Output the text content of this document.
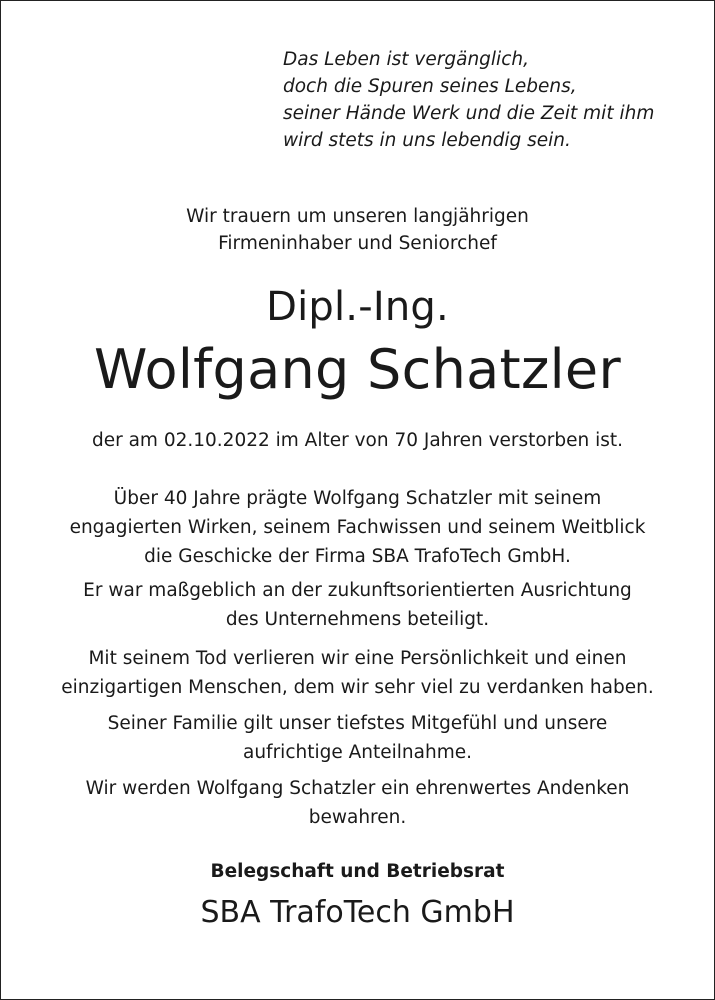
Das Leben ist vergänglich,
doch die Spuren seines Lebens,
seiner Hände Werk und die Zeit mit ihm
wird stets in uns lebendig sein.
Wir trauern um unseren langjährigen
Firmeninhaber und Seniorchef
Dipl.-Ing.
Wolfgang Schatzler
der am 02.10.2022 im Alter von 70 Jahren verstorben ist.
Über 40 Jahre prägte Wolfgang Schatzler mit seinem
engagierten Wirken, seinem Fachwissen und seinem Weitblick
die Geschicke der Firma SBA TrafoTech GmbH.
Er war maßgeblich an der zukunftsorientierten Ausrichtung
des Unternehmens beteiligt.
Mit seinem Tod verlieren wir eine Persönlichkeit und einen
einzigartigen Menschen, dem wir sehr viel zu verdanken haben.
Seiner Familie gilt unser tiefstes Mitgefühl und unsere
aufrichtige Anteilnahme.
Wir werden Wolfgang Schatzler ein ehrenwertes Andenken
bewahren.
Belegschaft und Betriebsrat
SBA TrafoTech GmbH
